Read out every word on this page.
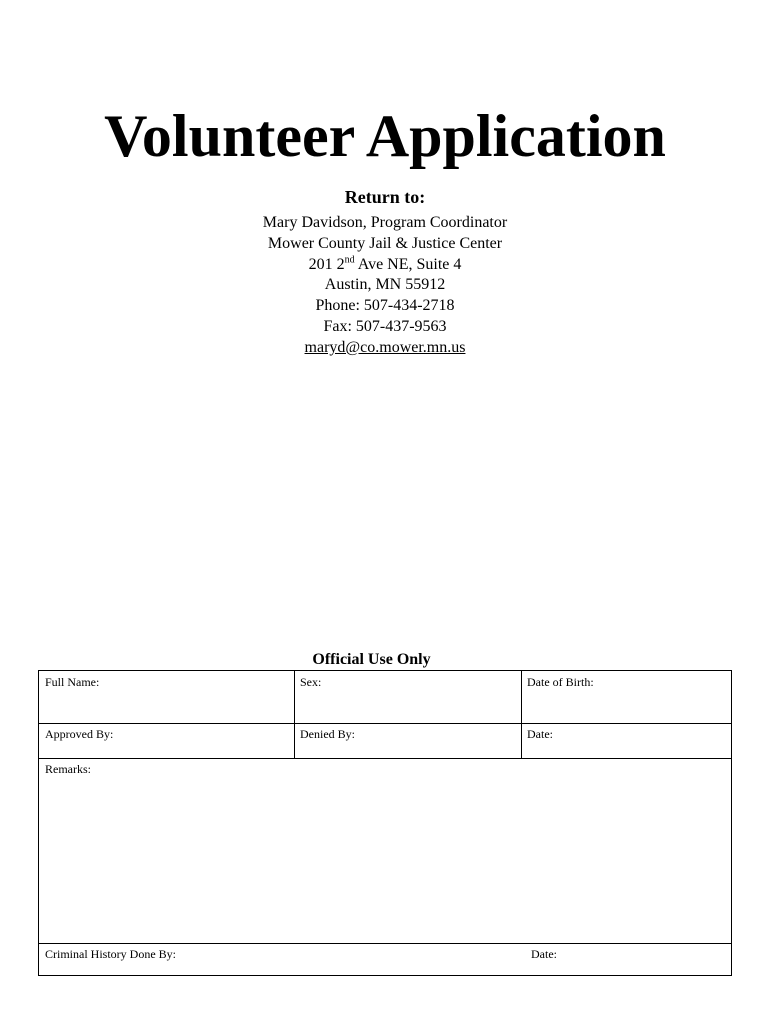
Volunteer Application
Return to:
Mary Davidson, Program Coordinator
Mower County Jail & Justice Center
201 2nd Ave NE, Suite 4
Austin, MN 55912
Phone: 507-434-2718
Fax: 507-437-9563
maryd@co.mower.mn.us
Official Use Only
Full Name:	Sex:	Date of Birth:
Approved By:	Denied By:	Date:
Remarks:
Criminal History Done By:	Date:
